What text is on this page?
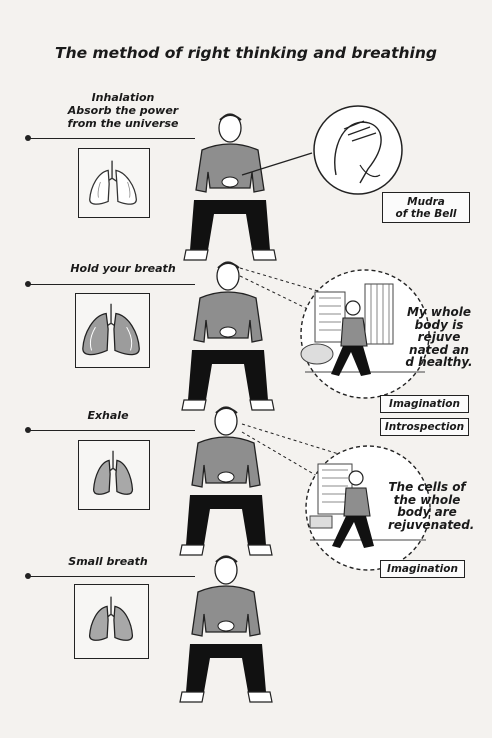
The method of right thinking and breathing
Inhalation
Absorb the power
from the universe
Hold your breath
Exhale
Small breath
Mudra
of the Bell
My whole
body is
rejuve
nated an
d healthy.
Imagination
Introspection
The cells of
the whole
body are
rejuvenated.
Imagination
